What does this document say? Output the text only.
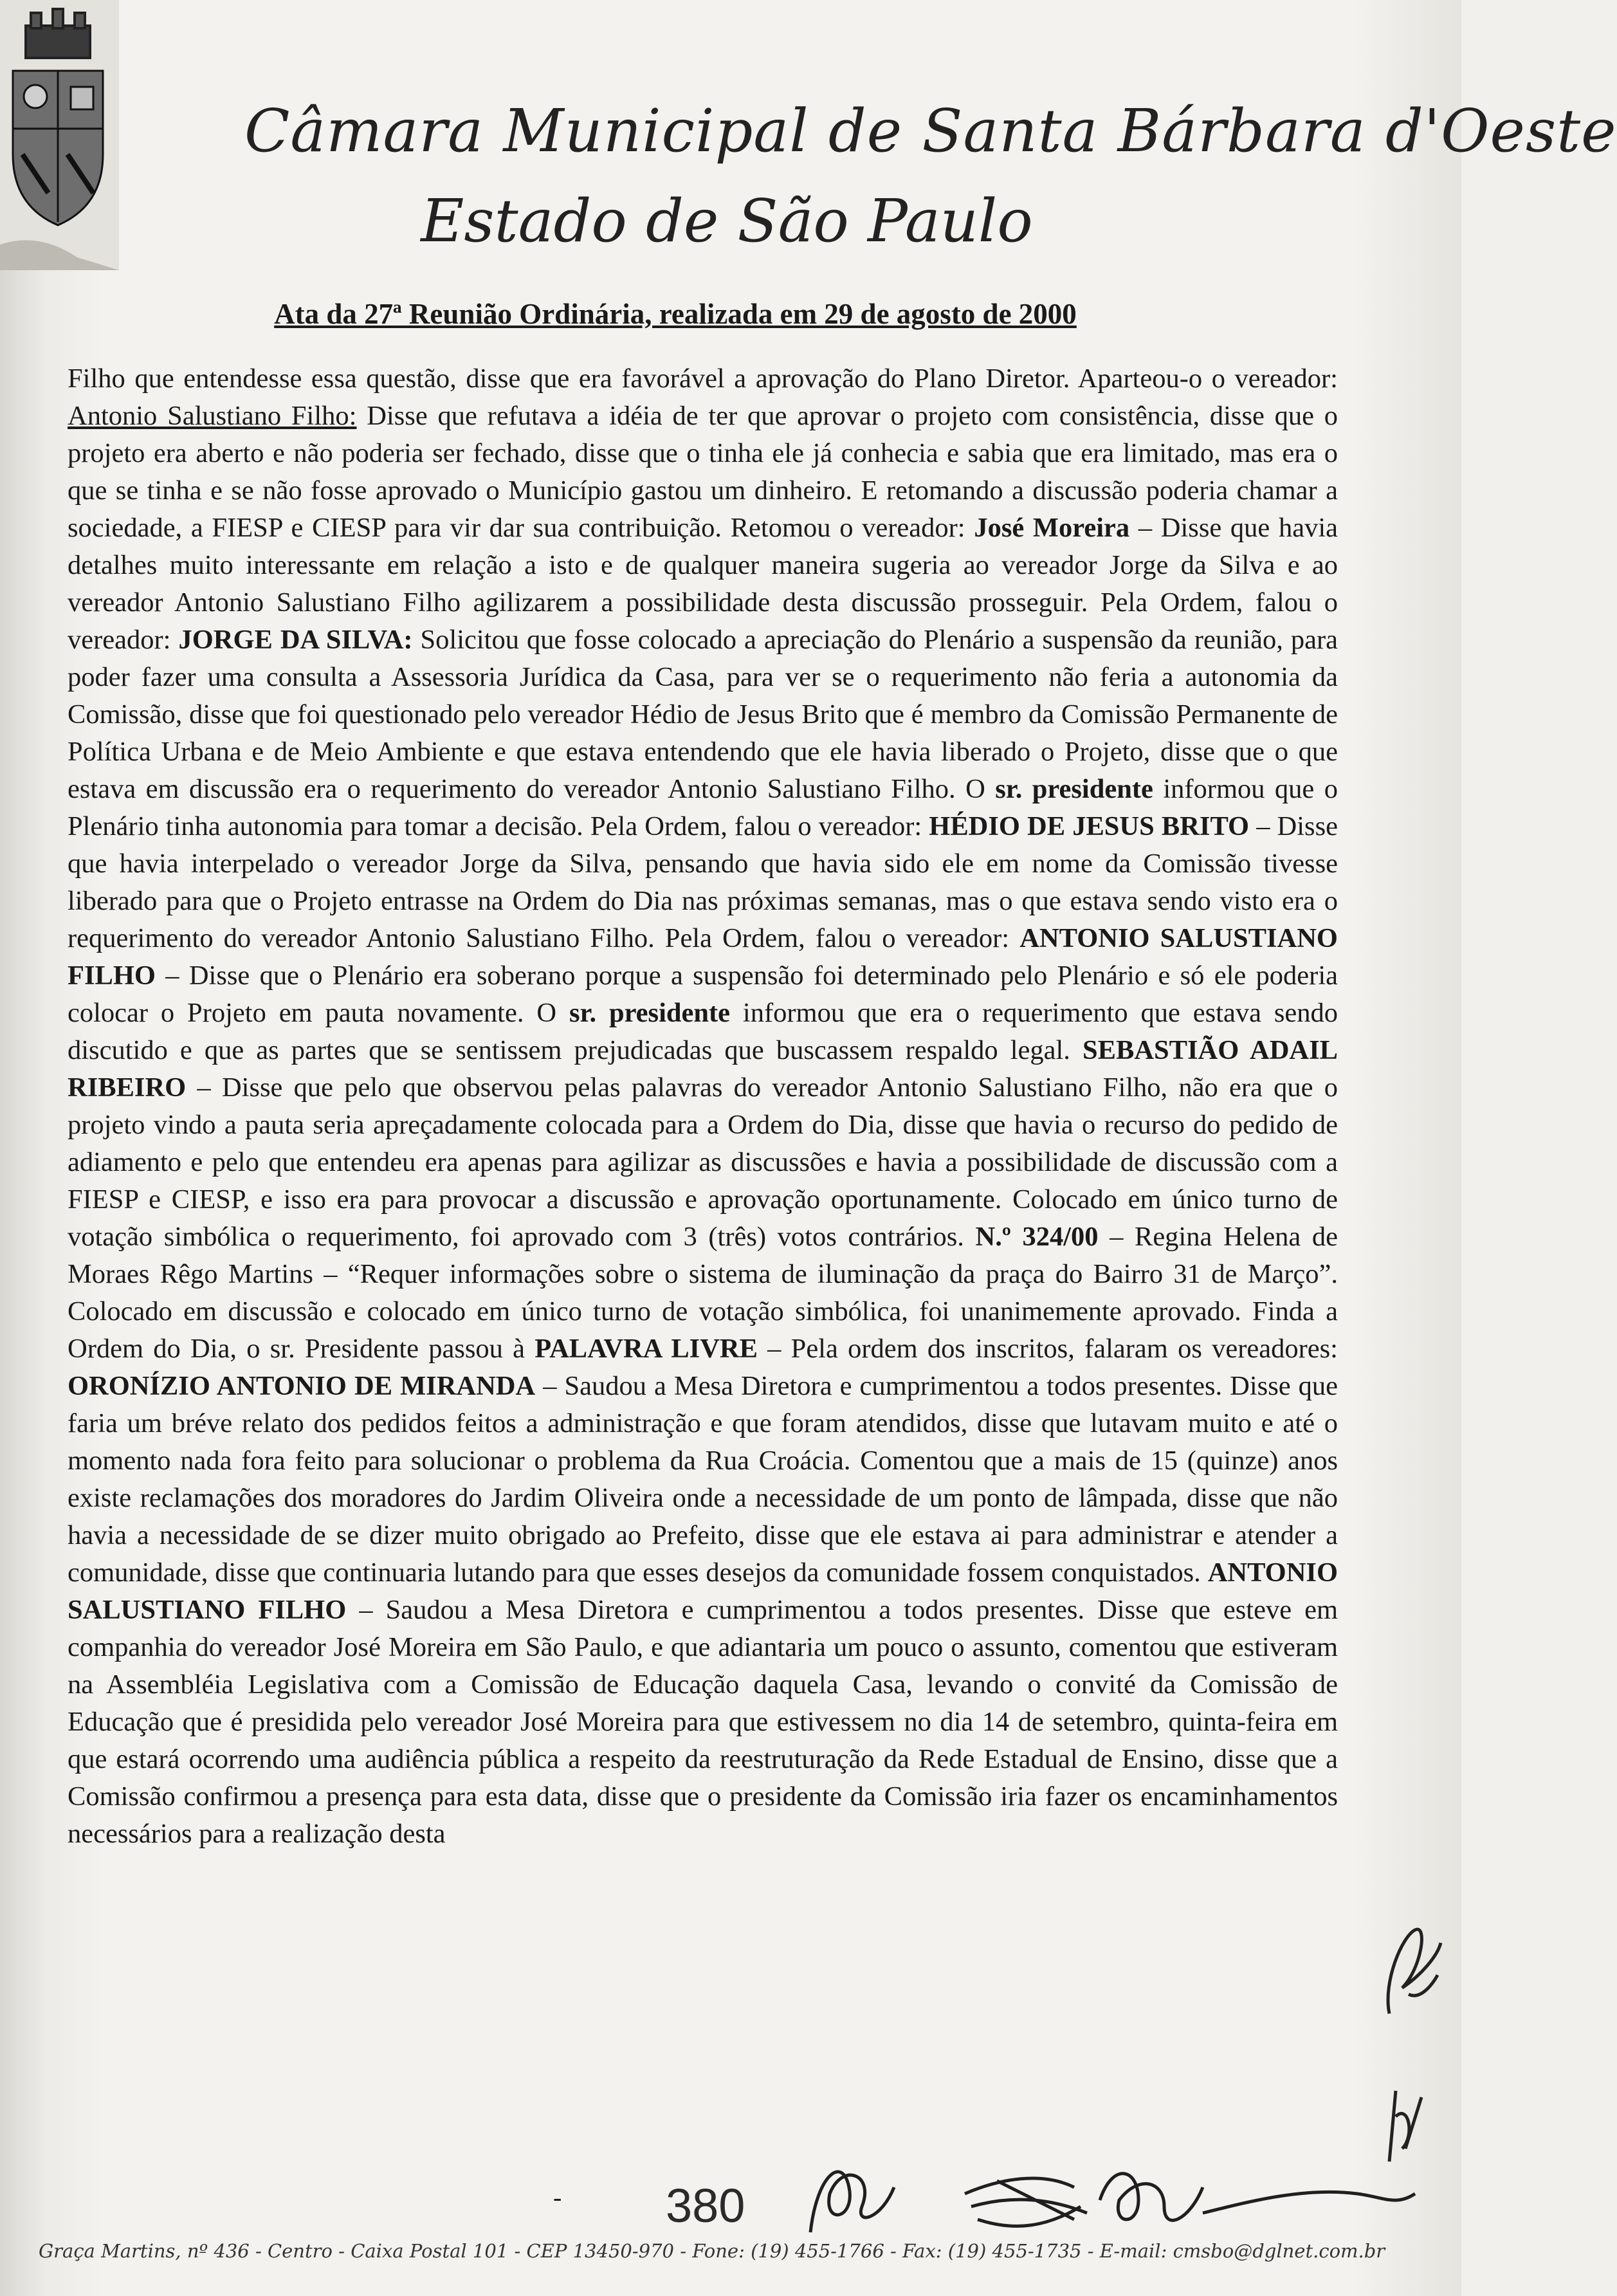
Câmara Municipal de Santa Bárbara d'Oeste
Estado de São Paulo
Ata da 27ª Reunião Ordinária, realizada em 29 de agosto de 2000

Filho que entendesse essa questão, disse que era favorável a aprovação do Plano Diretor. Aparteou-o o vereador: Antonio Salustiano Filho: Disse que refutava a idéia de ter que aprovar o projeto com consistência, disse que o projeto era aberto e não poderia ser fechado, disse que o tinha ele já conhecia e sabia que era limitado, mas era o que se tinha e se não fosse aprovado o Município gastou um dinheiro. E retomando a discussão poderia chamar a sociedade, a FIESP e CIESP para vir dar sua contribuição. Retomou o vereador: José Moreira – Disse que havia detalhes muito interessante em relação a isto e de qualquer maneira sugeria ao vereador Jorge da Silva e ao vereador Antonio Salustiano Filho agilizarem a possibilidade desta discussão prosseguir. Pela Ordem, falou o vereador: JORGE DA SILVA: Solicitou que fosse colocado a apreciação do Plenário a suspensão da reunião, para poder fazer uma consulta a Assessoria Jurídica da Casa, para ver se o requerimento não feria a autonomia da Comissão, disse que foi questionado pelo vereador Hédio de Jesus Brito que é membro da Comissão Permanente de Política Urbana e de Meio Ambiente e que estava entendendo que ele havia liberado o Projeto, disse que o que estava em discussão era o requerimento do vereador Antonio Salustiano Filho. O sr. presidente informou que o Plenário tinha autonomia para tomar a decisão. Pela Ordem, falou o vereador: HÉDIO DE JESUS BRITO – Disse que havia interpelado o vereador Jorge da Silva, pensando que havia sido ele em nome da Comissão tivesse liberado para que o Projeto entrasse na Ordem do Dia nas próximas semanas, mas o que estava sendo visto era o requerimento do vereador Antonio Salustiano Filho. Pela Ordem, falou o vereador: ANTONIO SALUSTIANO FILHO – Disse que o Plenário era soberano porque a suspensão foi determinado pelo Plenário e só ele poderia colocar o Projeto em pauta novamente. O sr. presidente informou que era o requerimento que estava sendo discutido e que as partes que se sentissem prejudicadas que buscassem respaldo legal. SEBASTIÃO ADAIL RIBEIRO – Disse que pelo que observou pelas palavras do vereador Antonio Salustiano Filho, não era que o projeto vindo a pauta seria apreçadamente colocada para a Ordem do Dia, disse que havia o recurso do pedido de adiamento e pelo que entendeu era apenas para agilizar as discussões e havia a possibilidade de discussão com a FIESP e CIESP, e isso era para provocar a discussão e aprovação oportunamente. Colocado em único turno de votação simbólica o requerimento, foi aprovado com 3 (três) votos contrários. N.º 324/00 – Regina Helena de Moraes Rêgo Martins – “Requer informações sobre o sistema de iluminação da praça do Bairro 31 de Março”. Colocado em discussão e colocado em único turno de votação simbólica, foi unanimemente aprovado. Finda a Ordem do Dia, o sr. Presidente passou à PALAVRA LIVRE – Pela ordem dos inscritos, falaram os vereadores: ORONÍZIO ANTONIO DE MIRANDA – Saudou a Mesa Diretora e cumprimentou a todos presentes. Disse que faria um bréve relato dos pedidos feitos a administração e que foram atendidos, disse que lutavam muito e até o momento nada fora feito para solucionar o problema da Rua Croácia. Comentou que a mais de 15 (quinze) anos existe reclamações dos moradores do Jardim Oliveira onde a necessidade de um ponto de lâmpada, disse que não havia a necessidade de se dizer muito obrigado ao Prefeito, disse que ele estava ai para administrar e atender a comunidade, disse que continuaria lutando para que esses desejos da comunidade fossem conquistados. ANTONIO SALUSTIANO FILHO – Saudou a Mesa Diretora e cumprimentou a todos presentes. Disse que esteve em companhia do vereador José Moreira em São Paulo, e que adiantaria um pouco o assunto, comentou que estiveram na Assembléia Legislativa com a Comissão de Educação daquela Casa, levando o convité da Comissão de Educação que é presidida pelo vereador José Moreira para que estivessem no dia 14 de setembro, quinta-feira em que estará ocorrendo uma audiência pública a respeito da reestruturação da Rede Estadual de Ensino, disse que a Comissão confirmou a presença para esta data, disse que o presidente da Comissão iria fazer os encaminhamentos necessários para a realização desta

- 380
Graça Martins, nº 436 - Centro - Caixa Postal 101 - CEP 13450-970 - Fone: (19) 455-1766 - Fax: (19) 455-1735 - E-mail: cmsbo@dglnet.com.br
